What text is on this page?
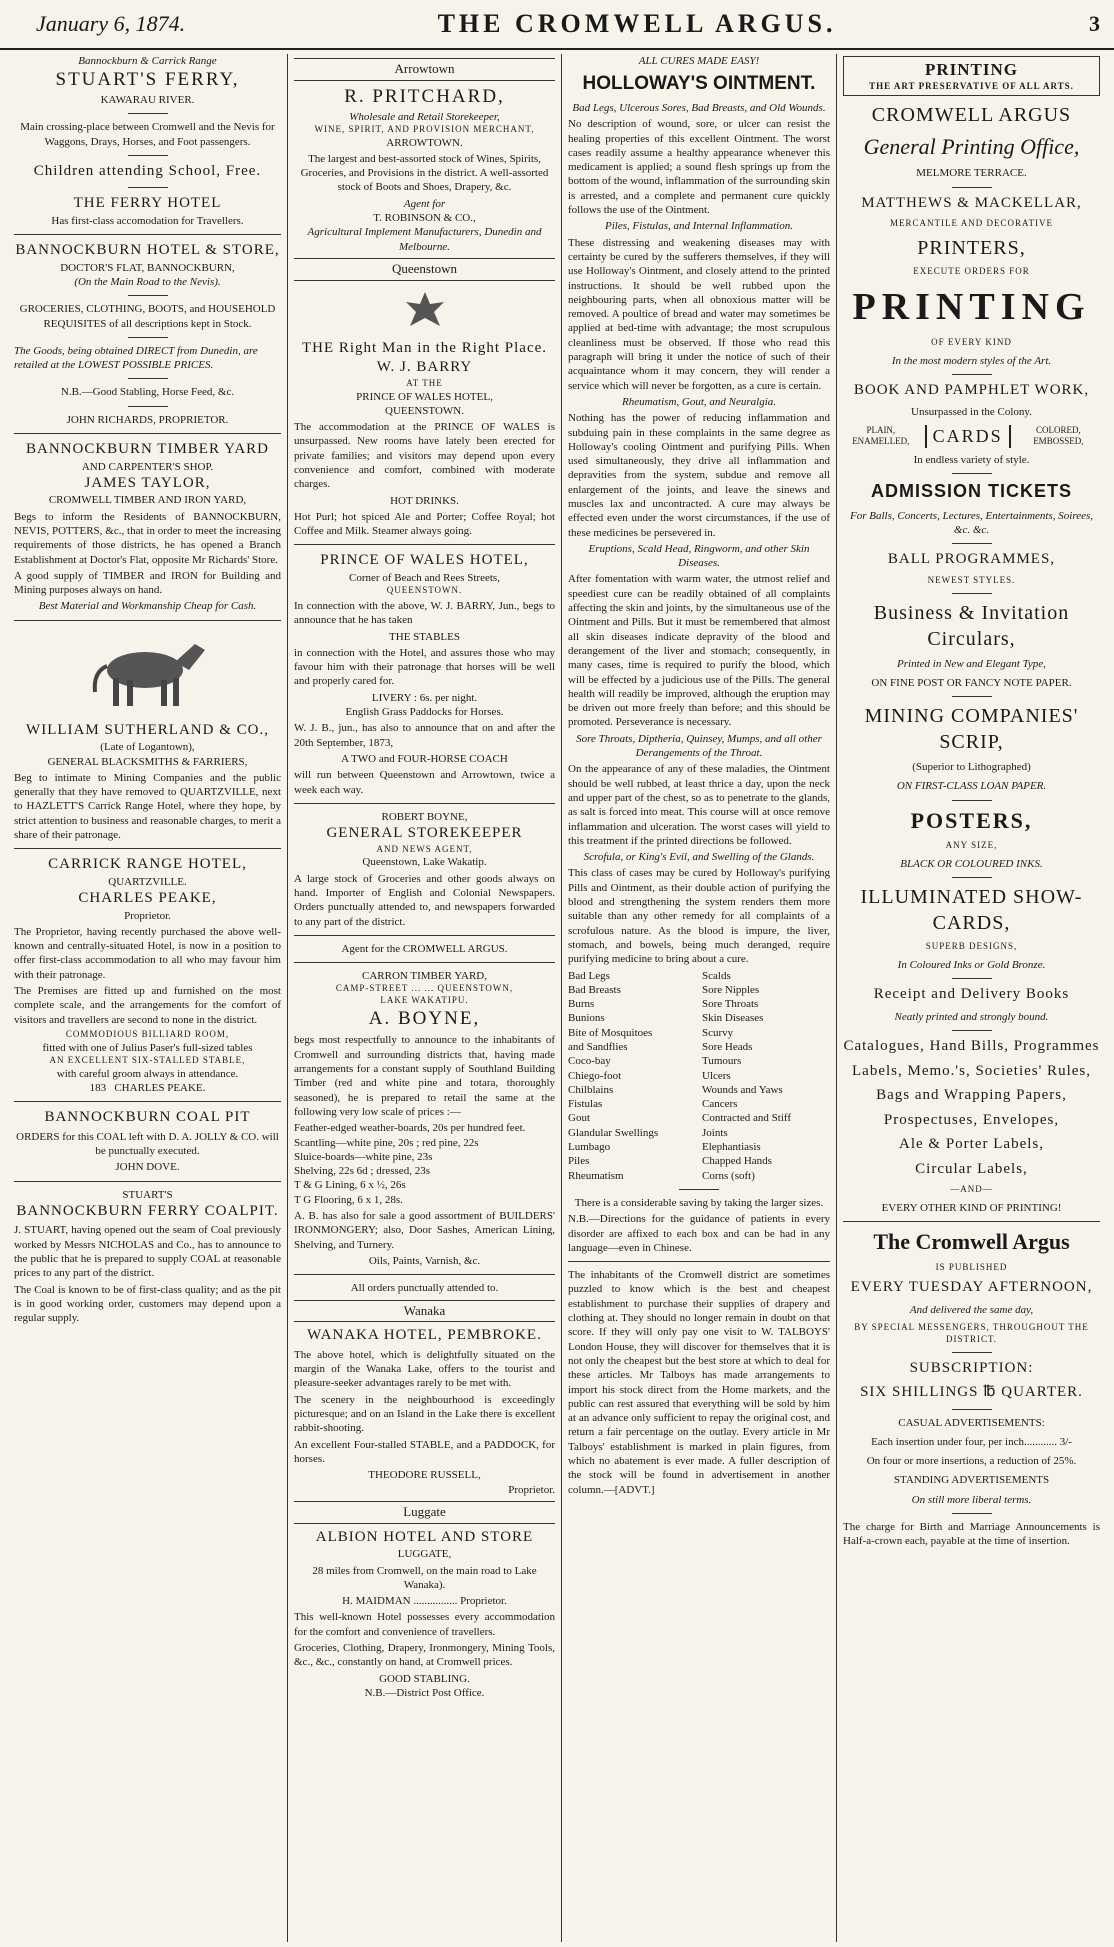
January 6, 1874.	THE CROMWELL ARGUS.	3
Bannockburn & Carrick Range
STUART'S FERRY,
KAWARAU RIVER.

Main crossing-place between Cromwell and the Nevis for Waggons, Drays, Horses, and Foot passengers.

Children attending School, Free.
THE FERRY HOTEL
Has first-class accomodation for Travellers.
BANNOCKBURN HOTEL & STORE,
DOCTOR'S FLAT, BANNOCKBURN,
(On the Main Road to the Nevis).

GROCERIES, CLOTHING, BOOTS, and HOUSEHOLD REQUISITES of all descriptions kept in Stock.

The Goods, being obtained DIRECT from Dunedin, are retailed at the LOWEST POSSIBLE PRICES.

N.B.—Good Stabling, Horse Feed, &c.
JOHN RICHARDS, PROPRIETOR.
BANNOCKBURN TIMBER YARD
AND CARPENTER'S SHOP.
JAMES TAYLOR,
CROMWELL TIMBER AND IRON YARD,

Begs to inform the Residents of BANNOCKBURN, NEVIS, POTTERS, &c., that in order to meet the increasing requirements of those districts, he has opened a Branch Establishment at Doctor's Flat, opposite Mr Richards' Store.

A good supply of TIMBER and IRON for Building and Mining purposes always on hand.

Best Material and Workmanship Cheap for Cash.
WILLIAM SUTHERLAND & CO.,
(Late of Logantown),
GENERAL BLACKSMITHS & FARRIERS,

Beg to intimate to Mining Companies and the public generally that they have removed to QUARTZVILLE, next to HAZLETT'S Carrick Range Hotel, where they hope, by strict attention to business and reasonable charges, to merit a share of their patronage.

CARRICK RANGE HOTEL,
QUARTZVILLE.
CHARLES PEAKE,
Proprietor.

The Proprietor, having recently purchased the above well-known and centrally-situated Hotel, is now in a position to offer first-class accommodation to all who may favour him with their patronage.

The Premises are fitted up and furnished on the most complete scale, and the arrangements for the comfort of visitors and travellers are second to none in the district.

COMMODIOUS BILLIARD ROOM,
fitted with one of Julius Paser's full-sized tables
AN EXCELLENT SIX-STALLED STABLE,
with careful groom always in attendance.
183 CHARLES PEAKE.
BANNOCKBURN COAL PIT

ORDERS for this COAL left with D. A. JOLLY & CO. will be punctually executed.

JOHN DOVE.
STUART'S
BANNOCKBURN FERRY COALPIT.

J. STUART, having opened out the seam of Coal previously worked by Messrs NICHOLAS and Co., has to announce to the public that he is prepared to supply COAL at reasonable prices to any part of the district.

The Coal is known to be of first-class quality; and as the pit is in good working order, customers may depend upon a regular supply.

Arrowtown
R. PRITCHARD,
Wholesale and Retail Storekeeper,
WINE, SPIRIT, AND PROVISION MERCHANT,
ARROWTOWN.

The largest and best-assorted stock of Wines, Spirits, Groceries, and Provisions in the district. A well-assorted stock of Boots and Shoes, Drapery, &c.

Agent for
T. ROBINSON & CO.,
Agricultural Implement Manufacturers, Dunedin and Melbourne.
Queenstown
THE Right Man in the Right Place.
W. J. BARRY
AT THE
PRINCE OF WALES HOTEL,
QUEENSTOWN.

The accommodation at the PRINCE OF WALES is unsurpassed. New rooms have lately been erected for private families; and visitors may depend upon every convenience and comfort, combined with moderate charges.

HOT DRINKS.

Hot Purl; hot spiced Ale and Porter; Coffee Royal; hot Coffee and Milk. Steamer always going.

PRINCE OF WALES HOTEL,
Corner of Beach and Rees Streets,
QUEENSTOWN.

In connection with the above, W. J. BARRY, Jun., begs to announce that he has taken

THE STABLES

in connection with the Hotel, and assures those who may favour him with their patronage that horses will be well and properly cared for.

LIVERY : 6s. per night.
English Grass Paddocks for Horses.

W. J. B., jun., has also to announce that on and after the 20th September, 1873,

A TWO and FOUR-HORSE COACH

will run between Queenstown and Arrowtown, twice a week each way.

ROBERT BOYNE,
GENERAL STOREKEEPER
AND NEWS AGENT,
Queenstown, Lake Wakatip.

A large stock of Groceries and other goods always on hand. Importer of English and Colonial Newspapers. Orders punctually attended to, and newspapers forwarded to any part of the district.

Agent for the CROMWELL ARGUS.
CARRON TIMBER YARD,
CAMP-STREET ... ... QUEENSTOWN,
LAKE WAKATIPU.
A. BOYNE,

begs most respectfully to announce to the inhabitants of Cromwell and surrounding districts that, having made arrangements for a constant supply of Southland Building Timber (red and white pine and totara, thoroughly seasoned), he is prepared to retail the same at the following very low scale of prices :—

Feather-edged weather-boards, 20s per hundred feet.
Scantling—white pine, 20s ; red pine, 22s
Sluice-boards—white pine, 23s
Shelving, 22s 6d ; dressed, 23s
T & G Lining, 6 x ½, 26s
T G Flooring, 6 x 1, 28s.

A. B. has also for sale a good assortment of BUILDERS' IRONMONGERY; also, Door Sashes, American Lining, Shelving, and Turnery.

Oils, Paints, Varnish, &c.
All orders punctually attended to.
Wanaka
WANAKA HOTEL, PEMBROKE.

The above hotel, which is delightfully situated on the margin of the Wanaka Lake, offers to the tourist and pleasure-seeker advantages rarely to be met with.

The scenery in the neighbourhood is exceedingly picturesque; and on an Island in the Lake there is excellent rabbit-shooting.

An excellent Four-stalled STABLE, and a PADDOCK, for horses.

THEODORE RUSSELL,
Proprietor.
Luggate
ALBION HOTEL AND STORE
LUGGATE,

28 miles from Cromwell, on the main road to Lake Wanaka).

H. MAIDMAN ................ Proprietor.

This well-known Hotel possesses every accommodation for the comfort and convenience of travellers.

Groceries, Clothing, Drapery, Ironmongery, Mining Tools, &c., &c., constantly on hand, at Cromwell prices.

GOOD STABLING.
N.B.—District Post Office.
ALL CURES MADE EASY!
HOLLOWAY'S OINTMENT.
Bad Legs, Ulcerous Sores, Bad Breasts, and Old Wounds.

No description of wound, sore, or ulcer can resist the healing properties of this excellent Ointment. The worst cases readily assume a healthy appearance whenever this medicament is applied; a sound flesh springs up from the bottom of the wound, inflammation of the surrounding skin is arrested, and a complete and permanent cure quickly follows the use of the Ointment.

Piles, Fistulas, and Internal Inflammation.

These distressing and weakening diseases may with certainty be cured by the sufferers themselves, if they will use Holloway's Ointment, and closely attend to the printed instructions. It should be well rubbed upon the neighbouring parts, when all obnoxious matter will be removed. A poultice of bread and water may sometimes be applied at bed-time with advantage; the most scrupulous cleanliness must be observed. If those who read this paragraph will bring it under the notice of such of their acquaintance whom it may concern, they will render a service which will never be forgotten, as a cure is certain.

Rheumatism, Gout, and Neuralgia.

Nothing has the power of reducing inflammation and subduing pain in these complaints in the same degree as Holloway's cooling Ointment and purifying Pills. When used simultaneously, they drive all inflammation and depravities from the system, subdue and remove all enlargement of the joints, and leave the sinews and muscles lax and uncontracted. A cure may always be effected even under the worst circumstances, if the use of these medicines be persevered in.

Eruptions, Scald Head, Ringworm, and other Skin Diseases.

After fomentation with warm water, the utmost relief and speediest cure can be readily obtained of all complaints affecting the skin and joints, by the simultaneous use of the Ointment and Pills. But it must be remembered that almost all skin diseases indicate depravity of the blood and derangement of the liver and stomach; consequently, in many cases, time is required to purify the blood, which will be effected by a judicious use of the Pills. The general health will readily be improved, although the eruption may be driven out more freely than before; and this should be promoted. Perseverance is necessary.

Sore Throats, Diptheria, Quinsey, Mumps, and all other Derangements of the Throat.

On the appearance of any of these maladies, the Ointment should be well rubbed, at least thrice a day, upon the neck and upper part of the chest, so as to penetrate to the glands, as salt is forced into meat. This course will at once remove inflammation and ulceration. The worst cases will yield to this treatment if the printed directions be followed.

Scrofula, or King's Evil, and Swelling of the Glands.

This class of cases may be cured by Holloway's purifying Pills and Ointment, as their double action of purifying the blood and strengthening the system renders them more suitable than any other remedy for all complaints of a scrofulous nature. As the blood is impure, the liver, stomach, and bowels, being much deranged, require purifying medicine to bring about a cure.

Bad Legs	Scalds
Bad Breasts	Sore Nipples
Burns	Sore Throats
Bunions	Skin Diseases
Bite of Mosquitoes	Scurvy
and Sandflies	Sore Heads
Coco-bay	Tumours
Chiego-foot	Ulcers
Chilblains	Wounds and Yaws
Fistulas	Cancers
Gout	Contracted and Stiff
Glandular Swellings	Joints
Lumbago	Elephantiasis
Piles	Chapped Hands
Rheumatism	Corns (soft)

There is a considerable saving by taking the larger sizes.

N.B.—Directions for the guidance of patients in every disorder are affixed to each box and can be had in any language—even in Chinese.

The inhabitants of the Cromwell district are sometimes puzzled to know which is the best and cheapest establishment to purchase their supplies of drapery and clothing at. They should no longer remain in doubt on that score. If they will only pay one visit to W. TALBOYS' London House, they will discover for themselves that it is not only the cheapest but the best store at which to deal for these articles. Mr Talboys has made arrangements to import his stock direct from the Home markets, and the public can rest assured that everything will be sold by him at an advance only sufficient to repay the original cost, and return a fair percentage on the outlay. Every article in Mr Talboys' establishment is marked in plain figures, from which no abatement is ever made. A fuller description of the stock will be found in advertisement in another column.—[ADVT.]

PRINTING
THE ART PRESERVATIVE OF ALL ARTS.
CROMWELL ARGUS
General Printing Office,
MELMORE TERRACE.
MATTHEWS & MACKELLAR,
MERCANTILE AND DECORATIVE
PRINTERS,
EXECUTE ORDERS FOR
PRINTING
OF EVERY KIND
In the most modern styles of the Art.
BOOK AND PAMPHLET WORK,
Unsurpassed in the Colony.
PLAIN, ENAMELLED,	CARDS	COLORED, EMBOSSED,
In endless variety of style.
ADMISSION TICKETS
For Balls, Concerts, Lectures, Entertainments, Soirees, &c. &c.
BALL PROGRAMMES,
NEWEST STYLES.
Business & Invitation Circulars,
Printed in New and Elegant Type,
ON FINE POST OR FANCY NOTE PAPER.
MINING COMPANIES' SCRIP,
(Superior to Lithographed)
ON FIRST-CLASS LOAN PAPER.
POSTERS,
ANY SIZE,
BLACK OR COLOURED INKS.
ILLUMINATED SHOW-CARDS,
SUPERB DESIGNS,
In Coloured Inks or Gold Bronze.
Receipt and Delivery Books
Neatly printed and strongly bound.
Catalogues, Hand Bills, Programmes
Labels, Memo.'s, Societies' Rules,
Bags and Wrapping Papers,
Prospectuses, Envelopes,
Ale & Porter Labels,
Circular Labels,
—AND—
EVERY OTHER KIND OF PRINTING!
The Cromwell Argus
IS PUBLISHED
EVERY TUESDAY AFTERNOON,
And delivered the same day,
BY SPECIAL MESSENGERS, THROUGHOUT THE DISTRICT.
SUBSCRIPTION:
SIX SHILLINGS ℔ QUARTER.
CASUAL ADVERTISEMENTS:
Each insertion under four, per inch............ 3/-
On four or more insertions, a reduction of 25%.
STANDING ADVERTISEMENTS
On still more liberal terms.

The charge for Birth and Marriage Announcements is Half-a-crown each, payable at the time of insertion.
